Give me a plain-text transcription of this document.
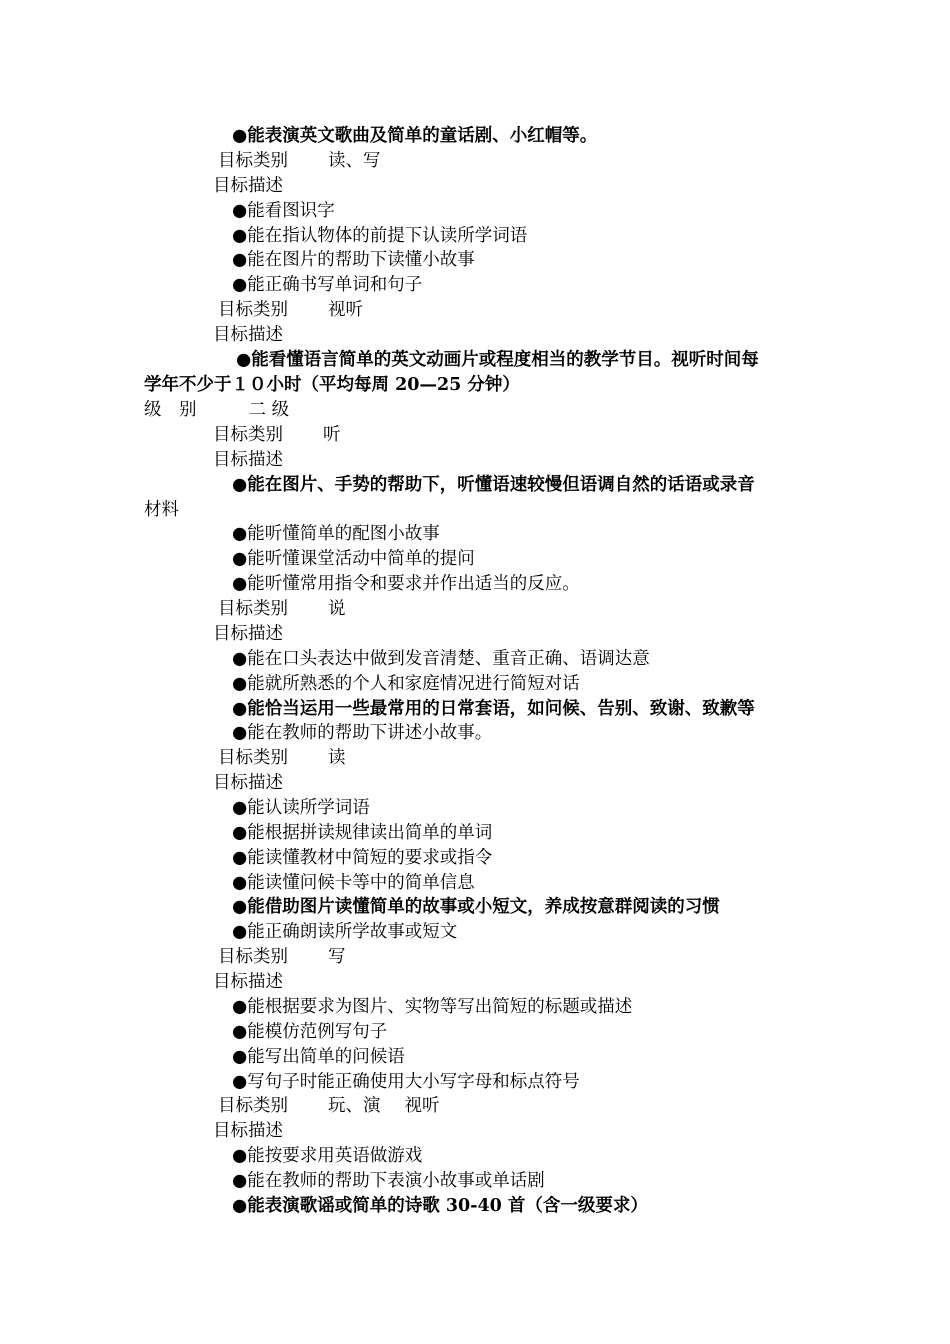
●能表演英文歌曲及简单的童话剧、小红帽等。
目标类别 读、写
目标描述
●能看图识字
●能在指认物体的前提下认读所学词语
●能在图片的帮助下读懂小故事
●能正确书写单词和句子
目标类别 视听
目标描述
●能看懂语言简单的英文动画片或程度相当的教学节目。视听时间每
学年不少于１０小时（平均每周 20—25 分钟）
级　别	二 级
目标类别 听
目标描述
●能在图片、手势的帮助下，听懂语速较慢但语调自然的话语或录音
材料
●能听懂简单的配图小故事
●能听懂课堂活动中简单的提问
●能听懂常用指令和要求并作出适当的反应。
目标类别 说
目标描述
●能在口头表达中做到发音清楚、重音正确、语调达意
●能就所熟悉的个人和家庭情况进行简短对话
●能恰当运用一些最常用的日常套语，如问候、告别、致谢、致歉等
●能在教师的帮助下讲述小故事。
目标类别 读
目标描述
●能认读所学词语
●能根据拼读规律读出简单的单词
●能读懂教材中简短的要求或指令
●能读懂问候卡等中的简单信息
●能借助图片读懂简单的故事或小短文，养成按意群阅读的习惯
●能正确朗读所学故事或短文
目标类别 写
目标描述
●能根据要求为图片、实物等写出简短的标题或描述
●能模仿范例写句子
●能写出简单的问候语
●写句子时能正确使用大小写字母和标点符号
目标类别 玩、演 视听
目标描述
●能按要求用英语做游戏
●能在教师的帮助下表演小故事或单话剧
●能表演歌谣或简单的诗歌 30-40 首（含一级要求）
